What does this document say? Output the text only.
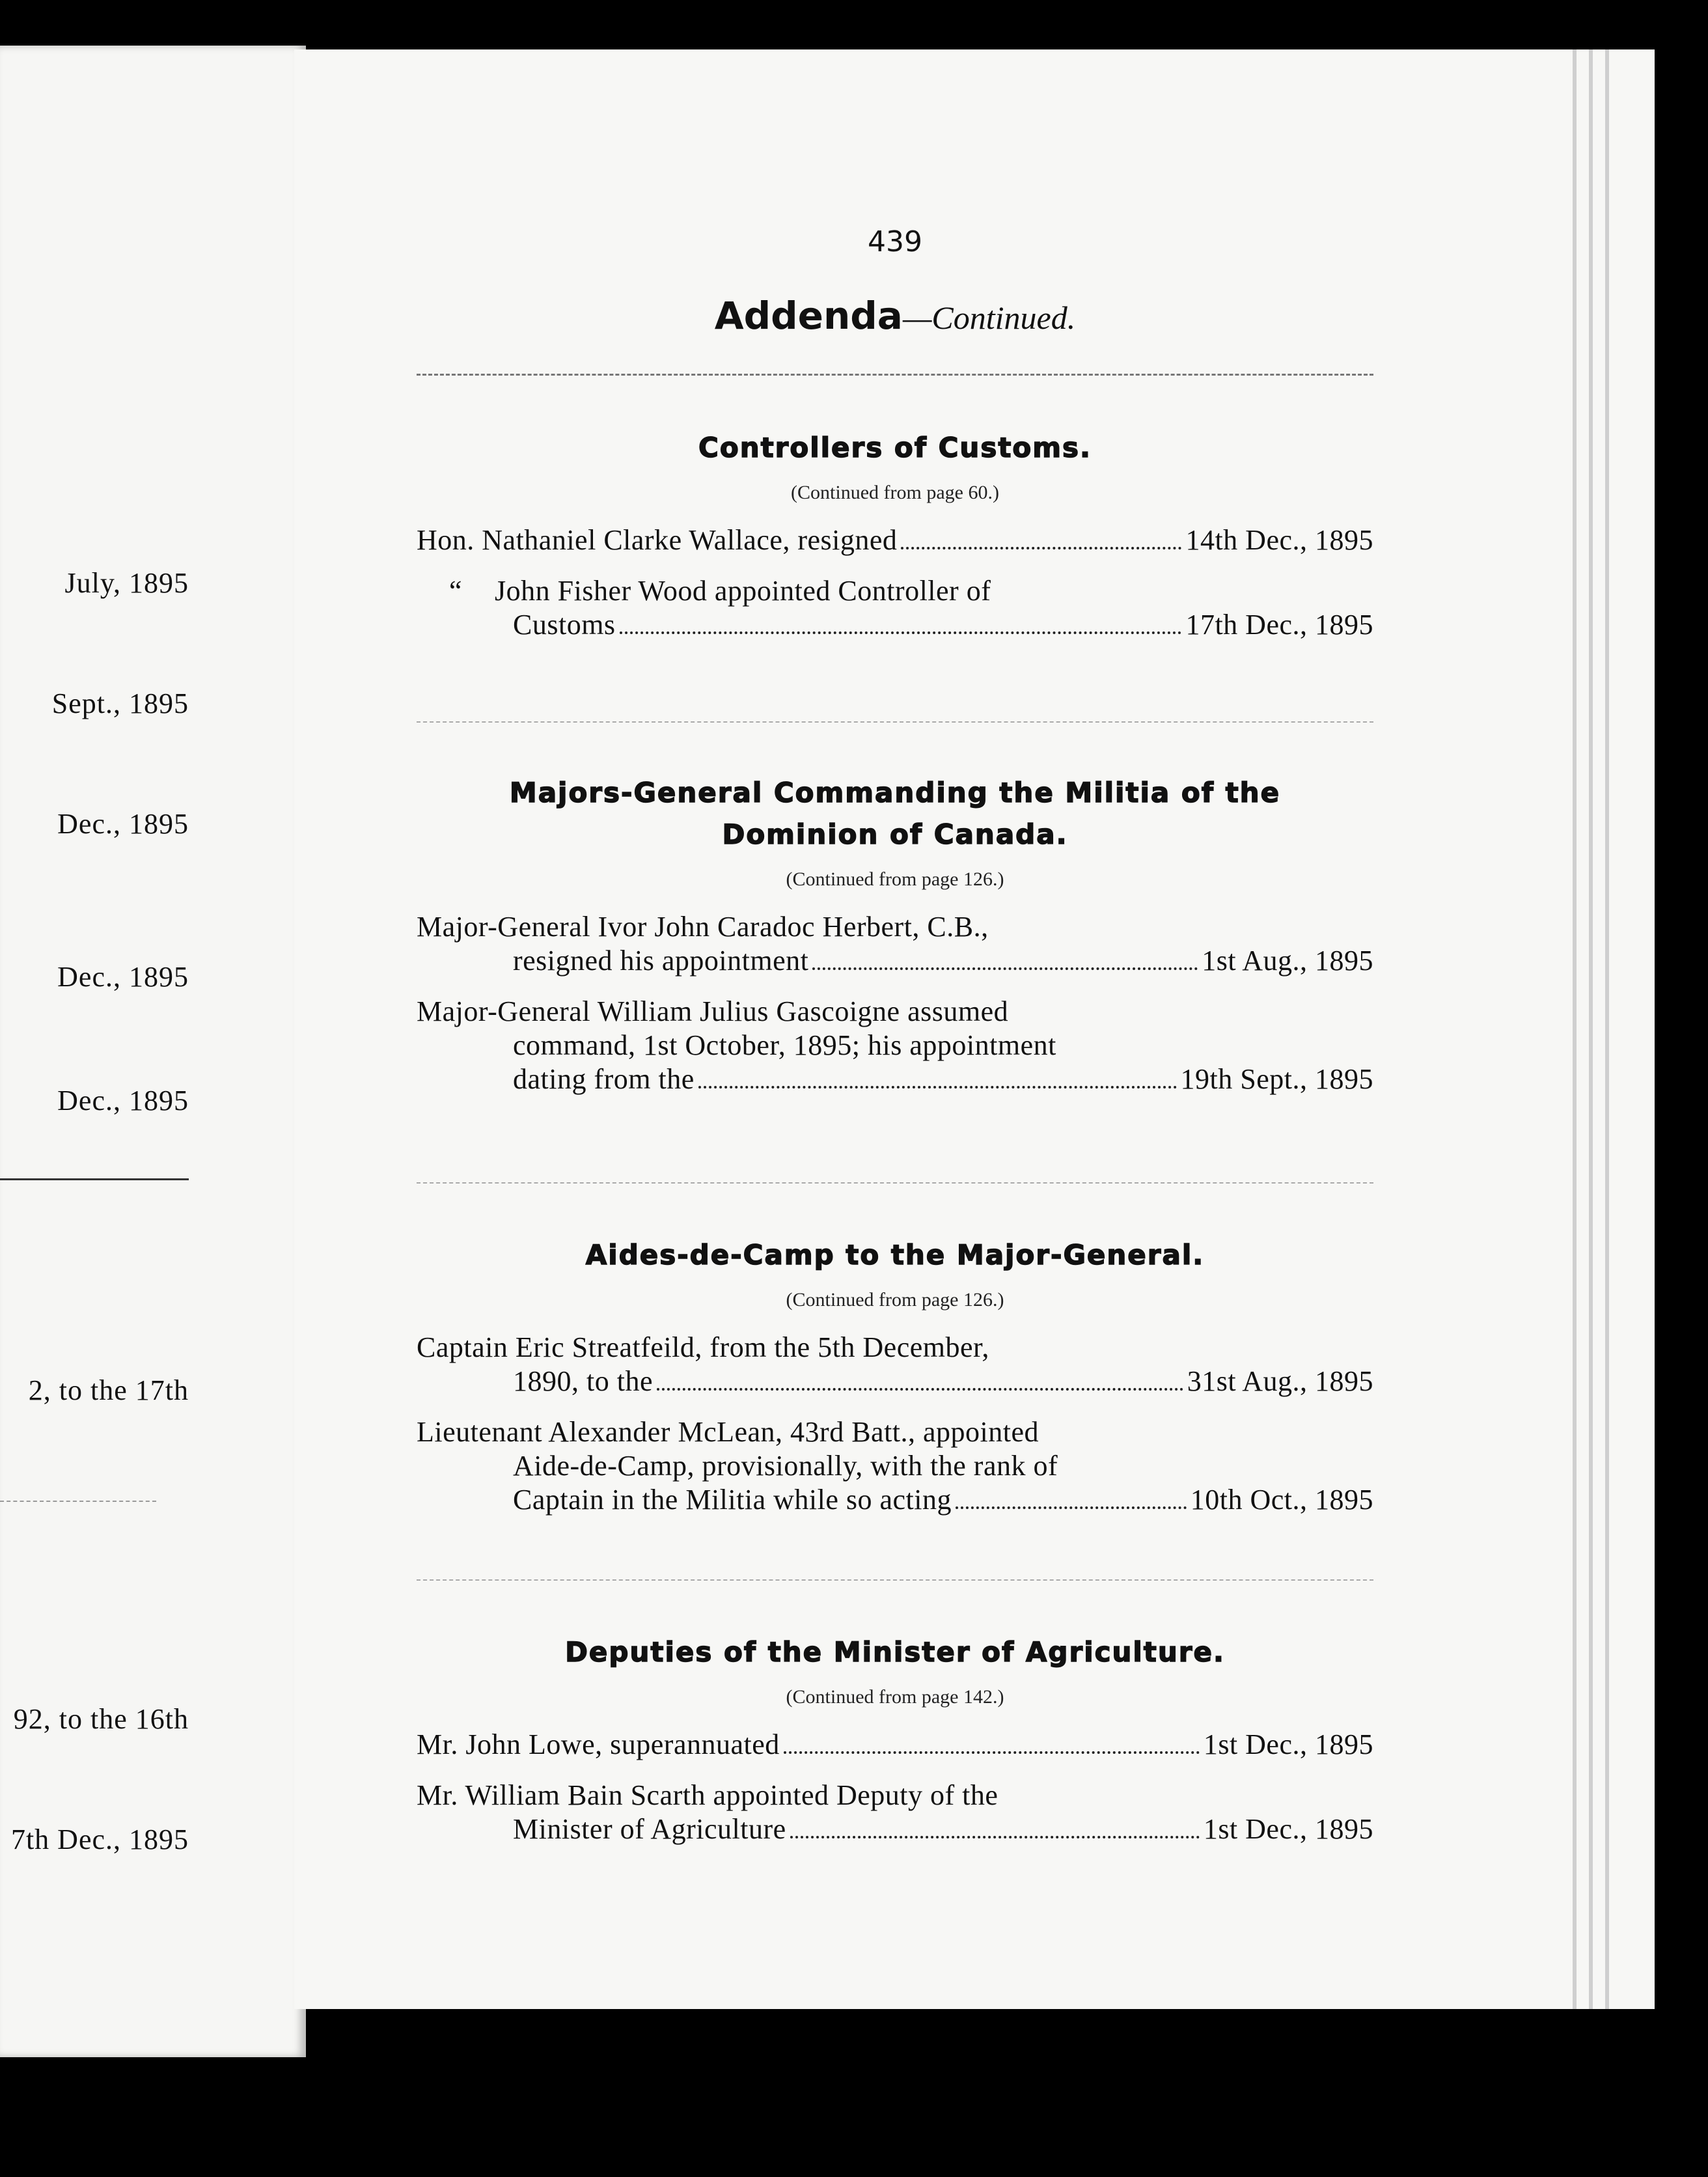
July, 1895
Sept., 1895
Dec., 1895
Dec., 1895
Dec., 1895
2, to the 17th
92, to the 16th
7th Dec., 1895
439
Addenda—Continued.
Controllers of Customs.
(Continued from page 60.)
Hon. Nathaniel Clarke Wallace, resigned	14th Dec., 1895
“	John Fisher Wood appointed Controller of
Customs	17th Dec., 1895
Majors-General Commanding the Militia of the
Dominion of Canada.
(Continued from page 126.)
Major-General Ivor John Caradoc Herbert, C.B.,
resigned his appointment	1st Aug., 1895
Major-General William Julius Gascoigne assumed
command, 1st October, 1895; his appointment
dating from the	19th Sept., 1895
Aides-de-Camp to the Major-General.
(Continued from page 126.)
Captain Eric Streatfeild, from the 5th December,
1890, to the	31st Aug., 1895
Lieutenant Alexander McLean, 43rd Batt., appointed
Aide-de-Camp, provisionally, with the rank of
Captain in the Militia while so acting	10th Oct., 1895
Deputies of the Minister of Agriculture.
(Continued from page 142.)
Mr. John Lowe, superannuated	1st Dec., 1895
Mr. William Bain Scarth appointed Deputy of the
Minister of Agriculture	1st Dec., 1895
